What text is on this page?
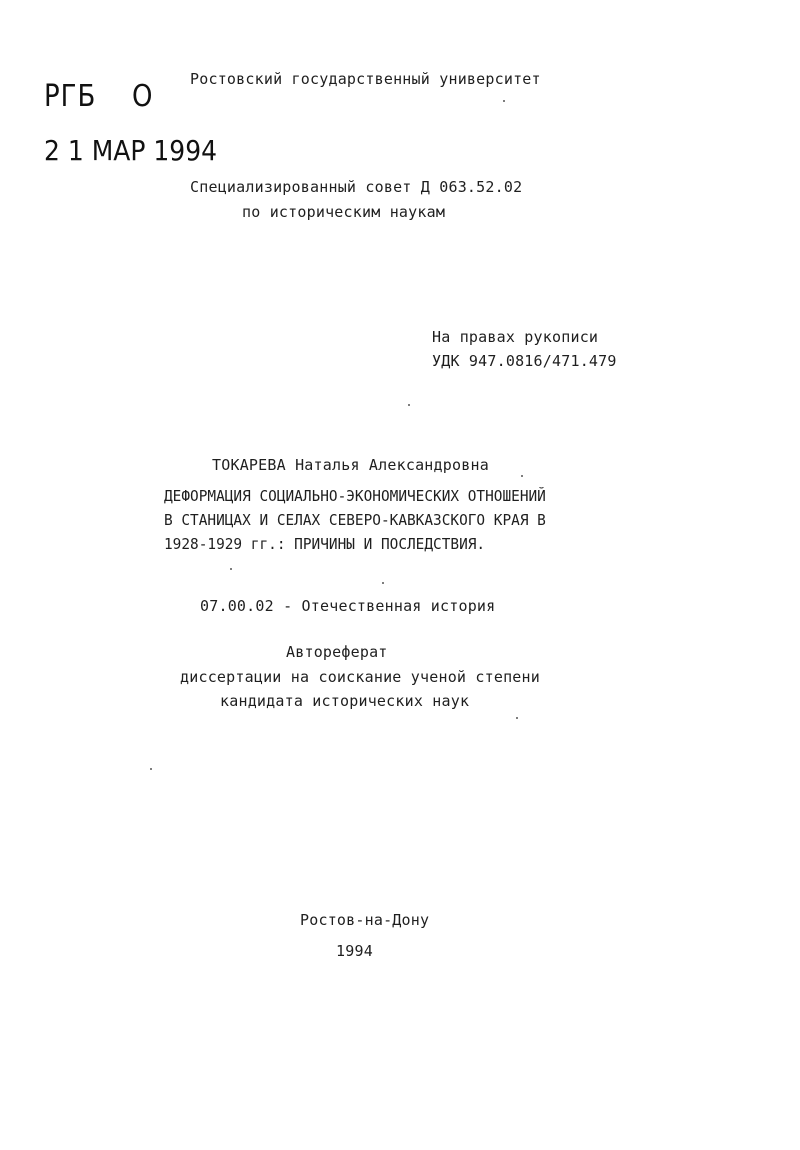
РГБ О
2 1 МАР 1994
Ростовский государственный университет
Специализированный совет Д 063.52.02
по историческим наукам
На правах рукописи
УДК 947.0816/471.479
ТОКАРЕВА Наталья Александровна
ДЕФОРМАЦИЯ СОЦИАЛЬНО-ЭКОНОМИЧЕСКИХ ОТНОШЕНИЙ
В СТАНИЦАХ И СЕЛАХ СЕВЕРО-КАВКАЗСКОГО КРАЯ В
1928-1929 гг.: ПРИЧИНЫ И ПОСЛЕДСТВИЯ.
07.00.02 - Отечественная история
Автореферат
диссертации на соискание ученой степени
кандидата исторических наук
Ростов-на-Дону
1994
